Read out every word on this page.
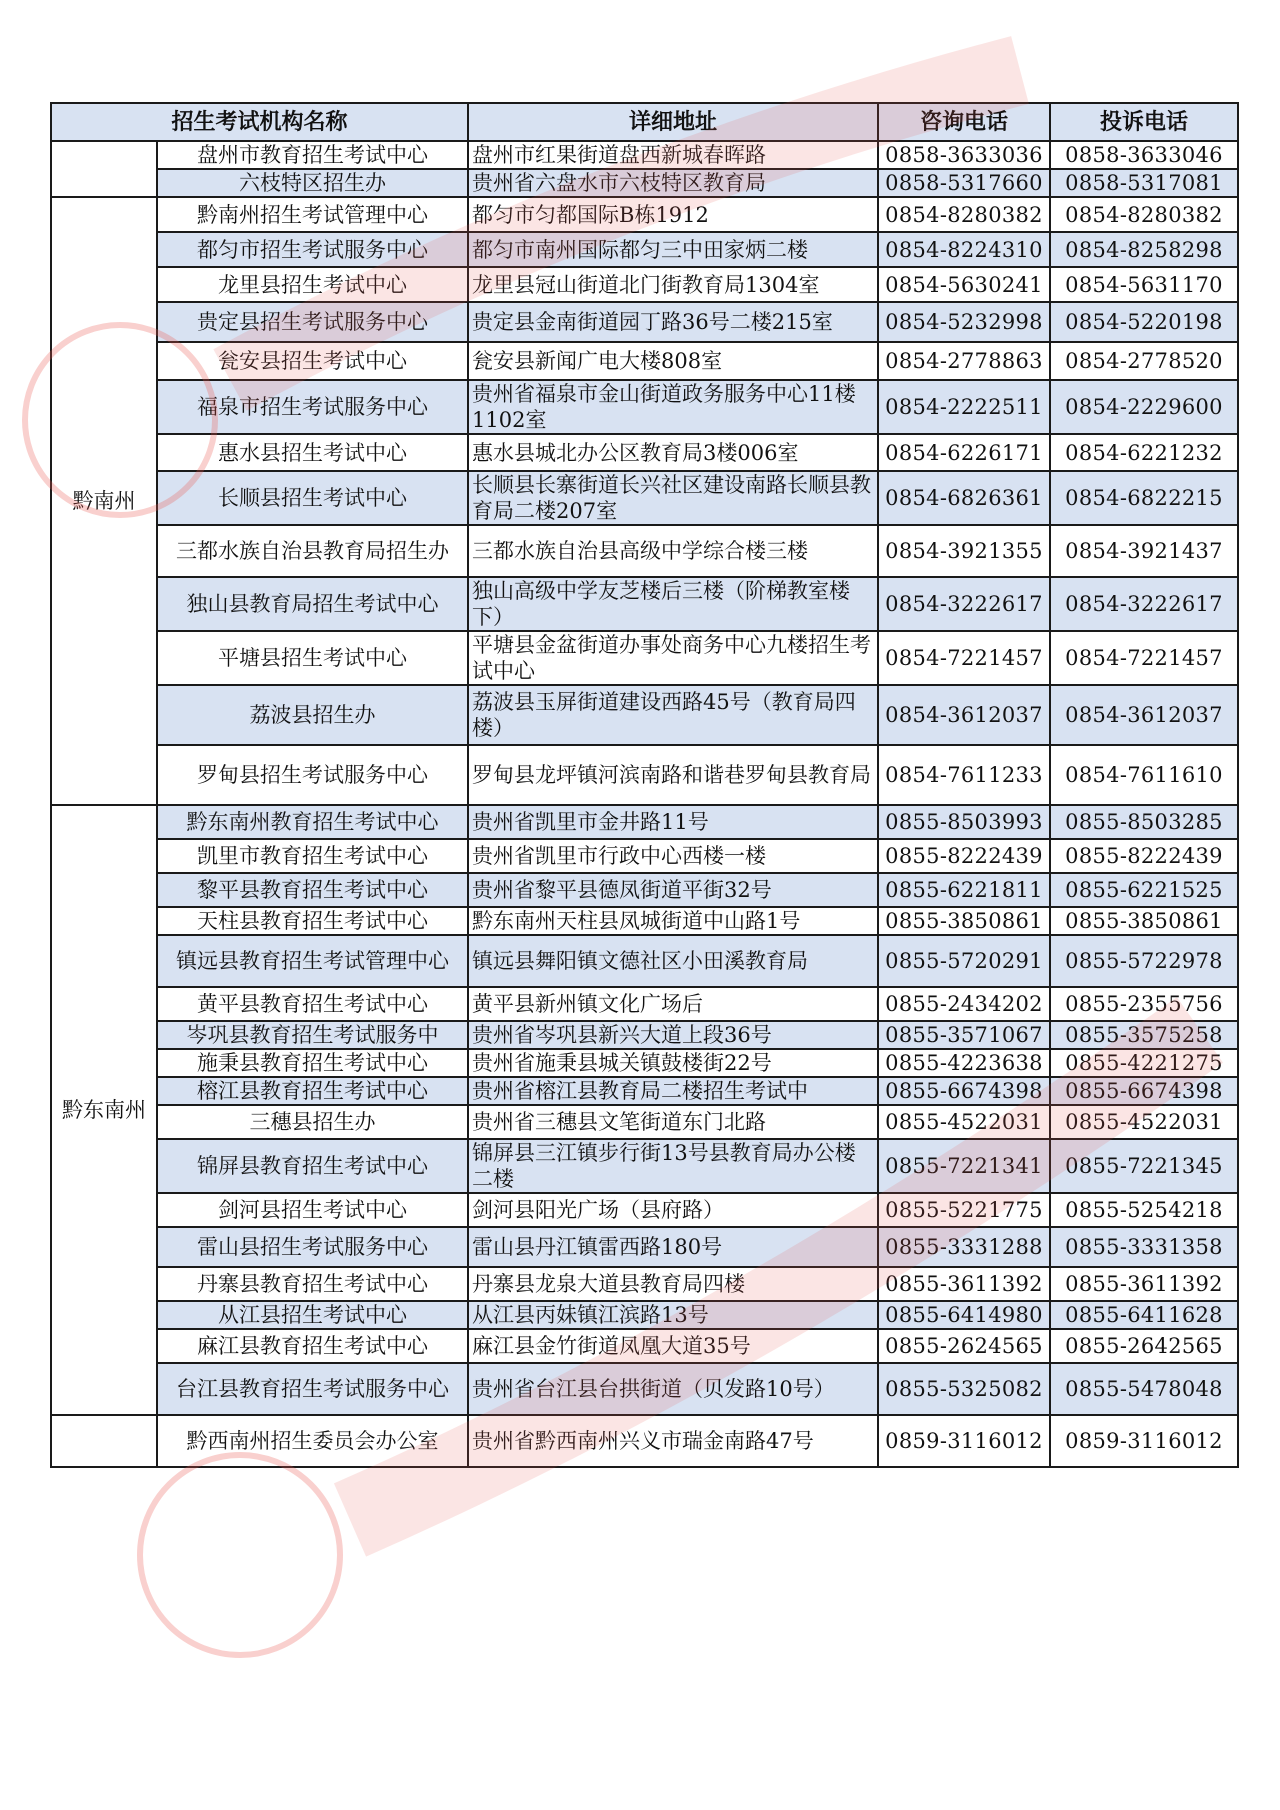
招生考试机构名称		详细地址	咨询电话	投诉电话

	盘州市教育招生考试中心	盘州市红果街道盘西新城春晖路	0858-3633036	0858-3633046
	六枝特区招生办	贵州省六盘水市六枝特区教育局	0858-5317660	0858-5317081

黔南州	黔南州招生考试管理中心	都匀市匀都国际B栋1912	0854-8280382	0854-8280382
	都匀市招生考试服务中心	都匀市南州国际都匀三中田家炳二楼	0854-8224310	0854-8258298
	龙里县招生考试中心	龙里县冠山街道北门街教育局1304室	0854-5630241	0854-5631170
	贵定县招生考试服务中心	贵定县金南街道园丁路36号二楼215室	0854-5232998	0854-5220198
	瓮安县招生考试中心	瓮安县新闻广电大楼808室	0854-2778863	0854-2778520
	福泉市招生考试服务中心	贵州省福泉市金山街道政务服务中心11楼1102室	0854-2222511	0854-2229600
	惠水县招生考试中心	惠水县城北办公区教育局3楼006室	0854-6226171	0854-6221232
	长顺县招生考试中心	长顺县长寨街道长兴社区建设南路长顺县教育局二楼207室	0854-6826361	0854-6822215
	三都水族自治县教育局招生办	三都水族自治县高级中学综合楼三楼	0854-3921355	0854-3921437
	独山县教育局招生考试中心	独山高级中学友芝楼后三楼（阶梯教室楼下）	0854-3222617	0854-3222617
	平塘县招生考试中心	平塘县金盆街道办事处商务中心九楼招生考试中心	0854-7221457	0854-7221457
	荔波县招生办	荔波县玉屏街道建设西路45号（教育局四楼）	0854-3612037	0854-3612037
	罗甸县招生考试服务中心	罗甸县龙坪镇河滨南路和谐巷罗甸县教育局	0854-7611233	0854-7611610

黔东南州	黔东南州教育招生考试中心	贵州省凯里市金井路11号	0855-8503993	0855-8503285
	凯里市教育招生考试中心	贵州省凯里市行政中心西楼一楼	0855-8222439	0855-8222439
	黎平县教育招生考试中心	贵州省黎平县德凤街道平街32号	0855-6221811	0855-6221525
	天柱县教育招生考试中心	黔东南州天柱县凤城街道中山路1号	0855-3850861	0855-3850861
	镇远县教育招生考试管理中心	镇远县舞阳镇文德社区小田溪教育局	0855-5720291	0855-5722978
	黄平县教育招生考试中心	黄平县新州镇文化广场后	0855-2434202	0855-2355756
	岑巩县教育招生考试服务中	贵州省岑巩县新兴大道上段36号	0855-3571067	0855-3575258
	施秉县教育招生考试中心	贵州省施秉县城关镇鼓楼街22号	0855-4223638	0855-4221275
	榕江县教育招生考试中心	贵州省榕江县教育局二楼招生考试中	0855-6674398	0855-6674398
	三穗县招生办	贵州省三穗县文笔街道东门北路	0855-4522031	0855-4522031
	锦屏县教育招生考试中心	锦屏县三江镇步行街13号县教育局办公楼二楼	0855-7221341	0855-7221345
	剑河县招生考试中心	剑河县阳光广场（县府路）	0855-5221775	0855-5254218
	雷山县招生考试服务中心	雷山县丹江镇雷西路180号	0855-3331288	0855-3331358
	丹寨县教育招生考试中心	丹寨县龙泉大道县教育局四楼	0855-3611392	0855-3611392
	从江县招生考试中心	从江县丙妹镇江滨路13号	0855-6414980	0855-6411628
	麻江县教育招生考试中心	麻江县金竹街道凤凰大道35号	0855-2624565	0855-2642565
	台江县教育招生考试服务中心	贵州省台江县台拱街道（贝发路10号）	0855-5325082	0855-5478048

	黔西南州招生委员会办公室	贵州省黔西南州兴义市瑞金南路47号	0859-3116012	0859-3116012
